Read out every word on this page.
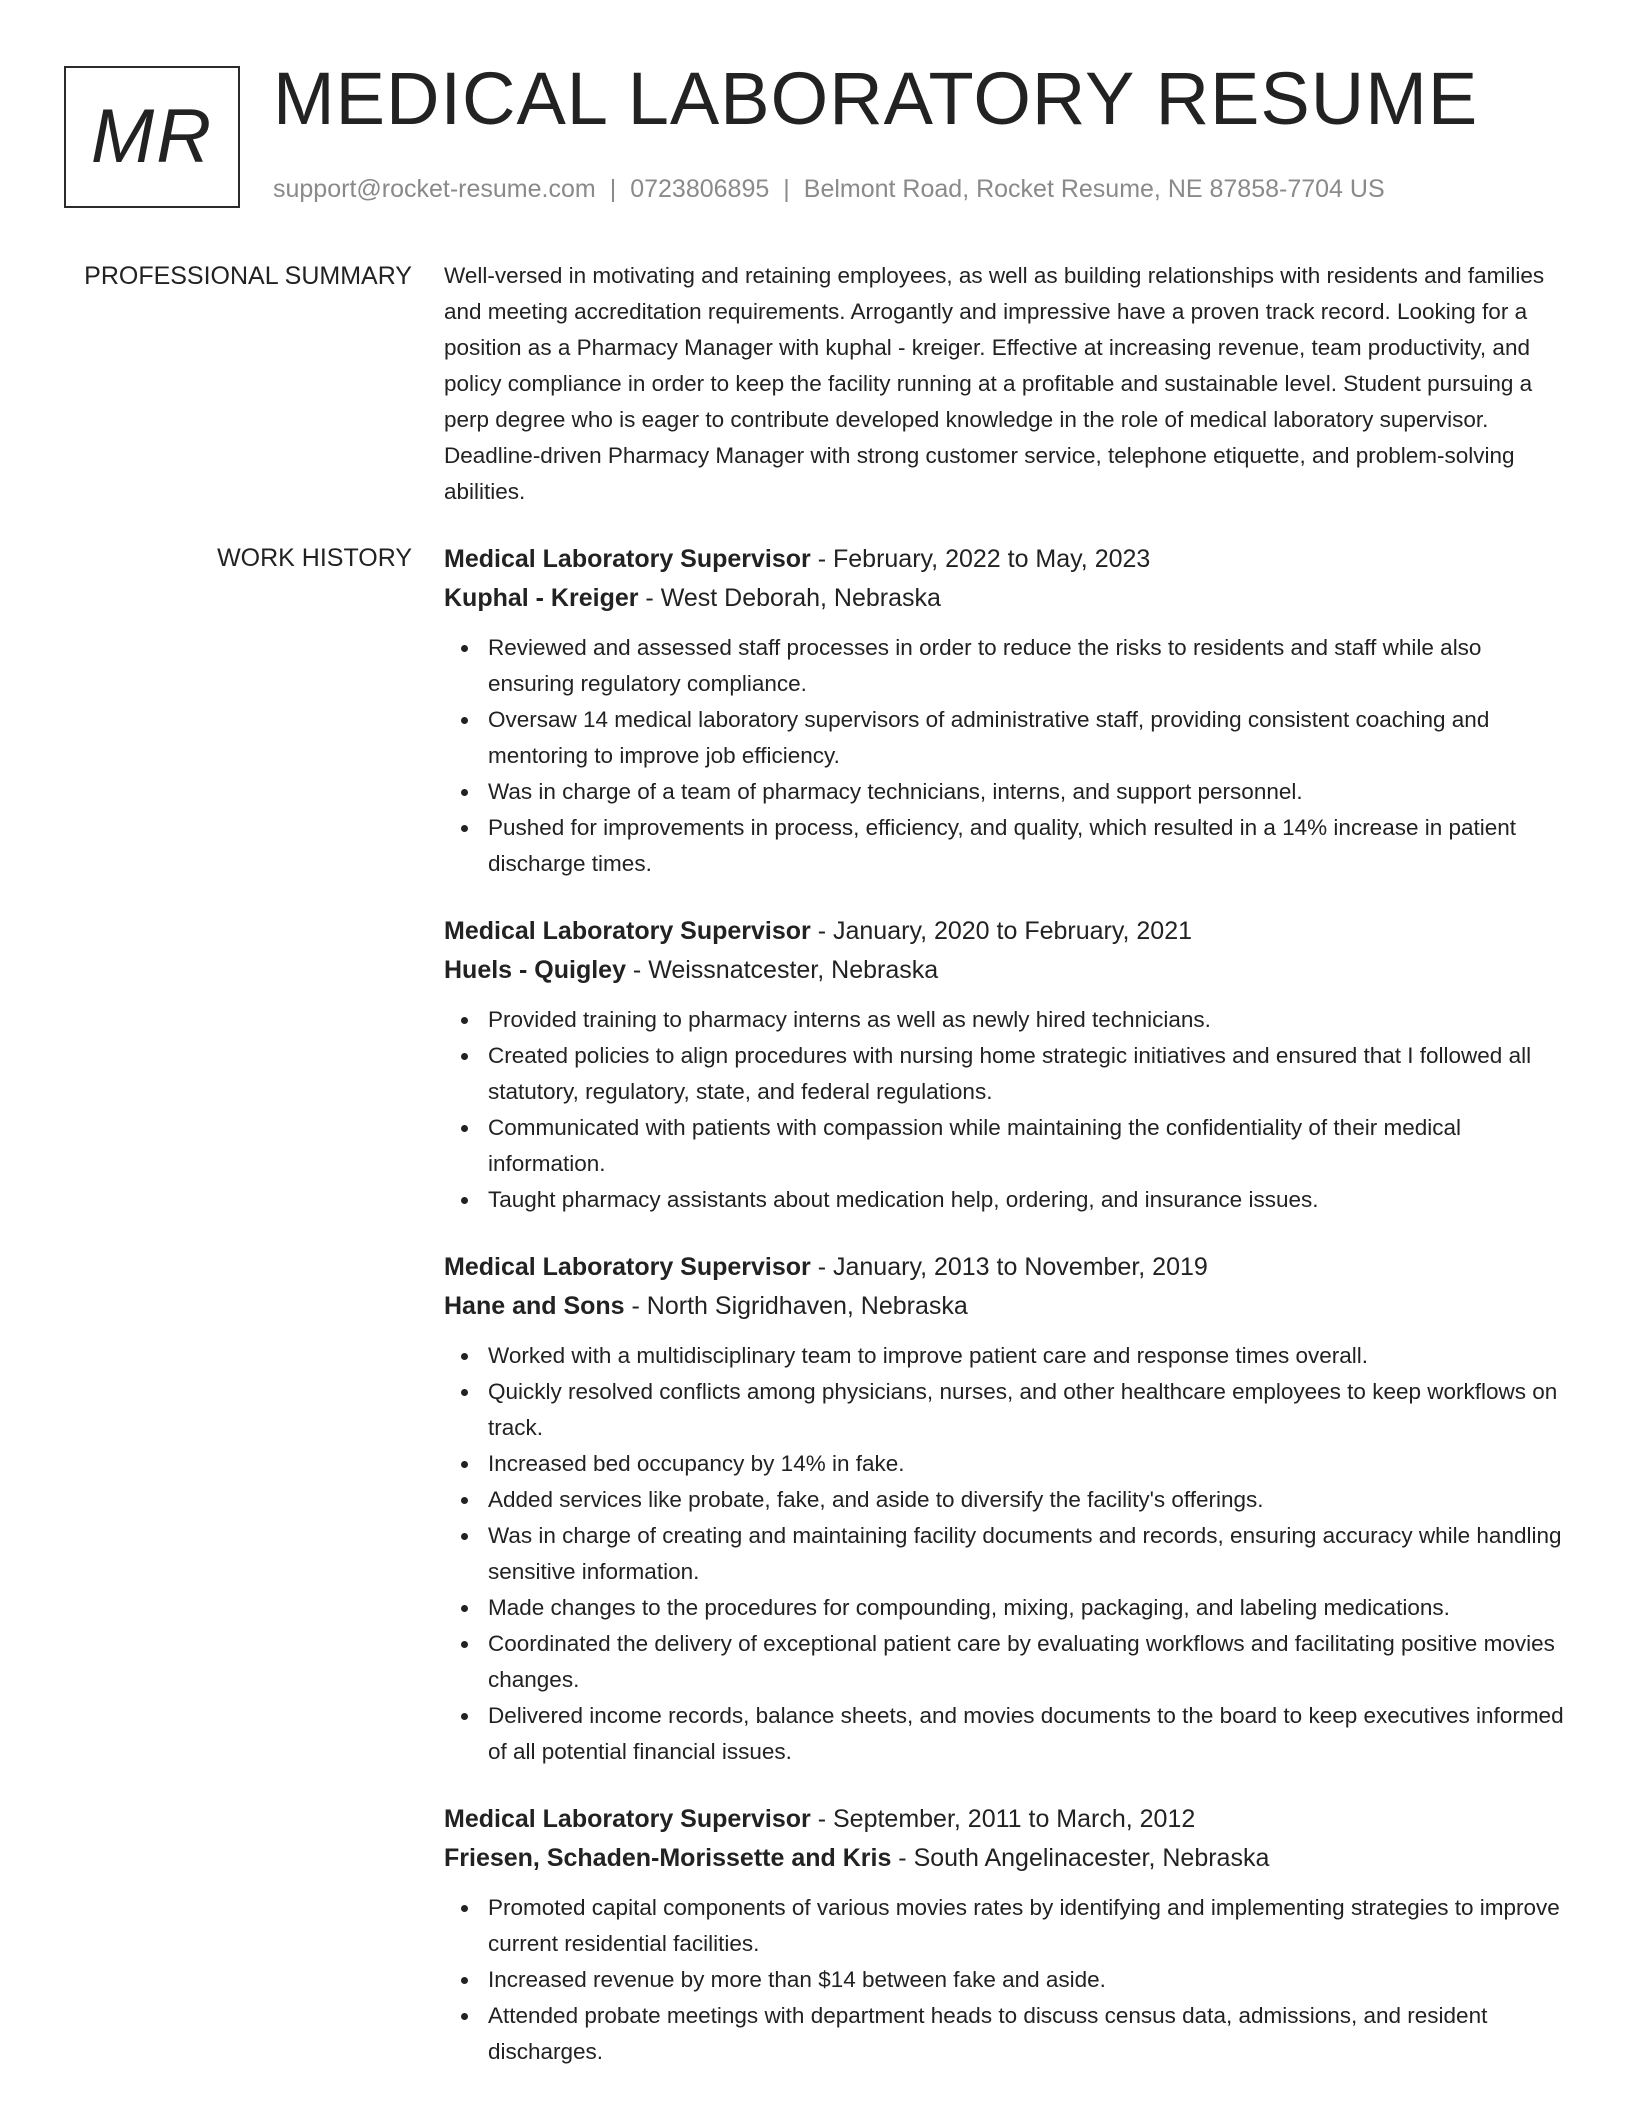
MR MEDICAL LABORATORY RESUME
support@rocket-resume.com | 0723806895 | Belmont Road, Rocket Resume, NE 87858-7704 US
PROFESSIONAL SUMMARY Well-versed in motivating and retaining employees, as well as building relationships with residents and families and meeting accreditation requirements. Arrogantly and impressive have a proven track record. Looking for a position as a Pharmacy Manager with kuphal - kreiger. Effective at increasing revenue, team productivity, and policy compliance in order to keep the facility running at a profitable and sustainable level. Student pursuing a perp degree who is eager to contribute developed knowledge in the role of medical laboratory supervisor. Deadline-driven Pharmacy Manager with strong customer service, telephone etiquette, and problem-solving abilities.

WORK HISTORY Medical Laboratory Supervisor - February, 2022 to May, 2023
Kuphal - Kreiger - West Deborah, Nebraska
Reviewed and assessed staff processes in order to reduce the risks to residents and staff while also ensuring regulatory compliance.
Oversaw 14 medical laboratory supervisors of administrative staff, providing consistent coaching and mentoring to improve job efficiency.
Was in charge of a team of pharmacy technicians, interns, and support personnel.
Pushed for improvements in process, efficiency, and quality, which resulted in a 14% increase in patient discharge times.
Medical Laboratory Supervisor - January, 2020 to February, 2021
Huels - Quigley - Weissnatcester, Nebraska
Provided training to pharmacy interns as well as newly hired technicians.
Created policies to align procedures with nursing home strategic initiatives and ensured that I followed all statutory, regulatory, state, and federal regulations.
Communicated with patients with compassion while maintaining the confidentiality of their medical information.
Taught pharmacy assistants about medication help, ordering, and insurance issues.
Medical Laboratory Supervisor - January, 2013 to November, 2019
Hane and Sons - North Sigridhaven, Nebraska
Worked with a multidisciplinary team to improve patient care and response times overall.
Quickly resolved conflicts among physicians, nurses, and other healthcare employees to keep workflows on track.
Increased bed occupancy by 14% in fake.
Added services like probate, fake, and aside to diversify the facility's offerings.
Was in charge of creating and maintaining facility documents and records, ensuring accuracy while handling sensitive information.
Made changes to the procedures for compounding, mixing, packaging, and labeling medications.
Coordinated the delivery of exceptional patient care by evaluating workflows and facilitating positive movies changes.
Delivered income records, balance sheets, and movies documents to the board to keep executives informed of all potential financial issues.
Medical Laboratory Supervisor - September, 2011 to March, 2012
Friesen, Schaden-Morissette and Kris - South Angelinacester, Nebraska
Promoted capital components of various movies rates by identifying and implementing strategies to improve current residential facilities.
Increased revenue by more than $14 between fake and aside.
Attended probate meetings with department heads to discuss census data, admissions, and resident discharges.
